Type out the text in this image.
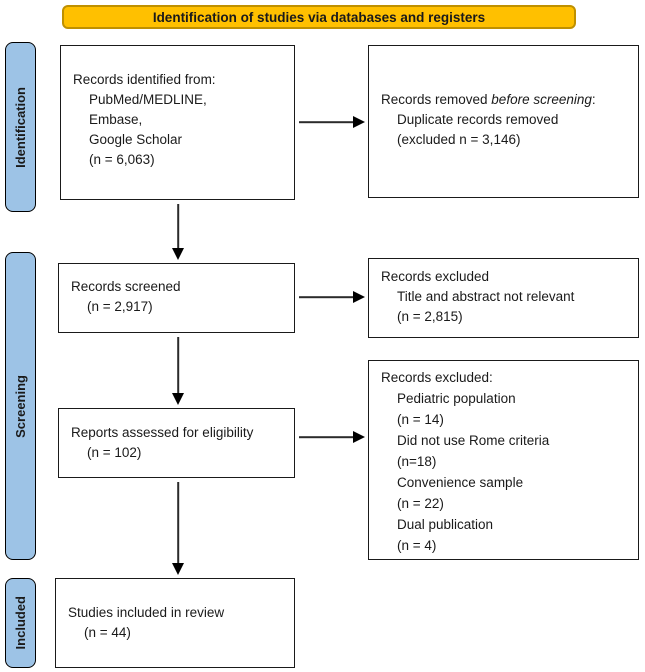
Identification of studies via databases and registers
Identification
Screening
Included
Records identified from:
PubMed/MEDLINE,
Embase,
Google Scholar
(n = 6,063)
Records removed before screening:
Duplicate records removed
(excluded n = 3,146)
Records screened
(n = 2,917)
Records excluded
Title and abstract not relevant
(n = 2,815)
Reports assessed for eligibility
(n = 102)
Records excluded:
Pediatric population
(n = 14)
Did not use Rome criteria
(n=18)
Convenience sample
(n = 22)
Dual publication
(n = 4)
Studies included in review
(n = 44)
